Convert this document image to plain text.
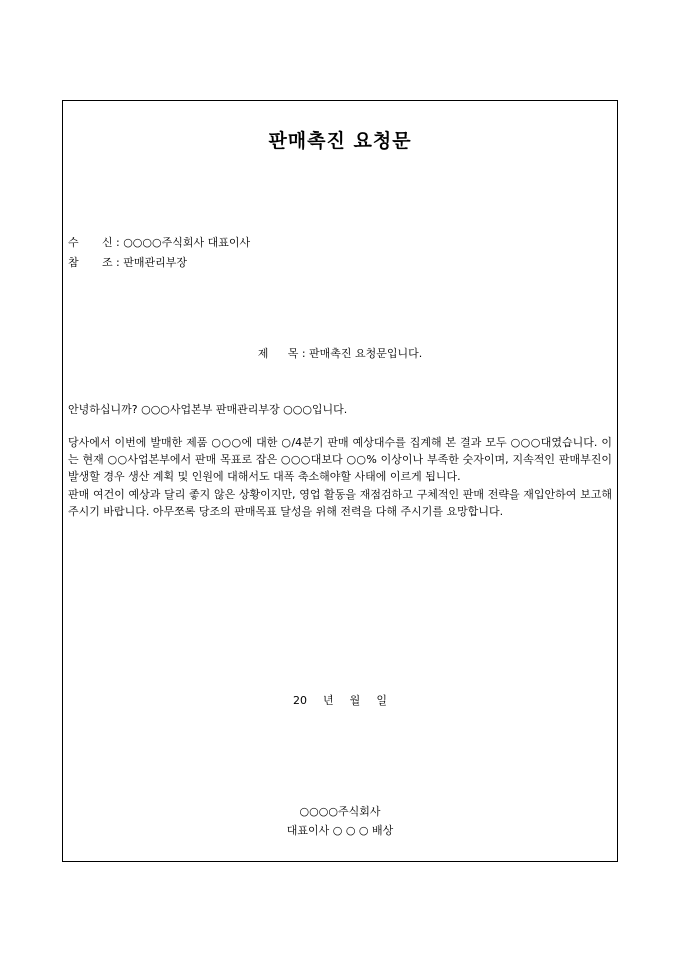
판매촉진 요청문
수 신 : ○○○○주식회사 대표이사
참 조 : 판매관리부장
제 목 : 판매촉진 요청문입니다.
안녕하십니까? ○○○사업본부 판매관리부장 ○○○입니다.

당사에서 이번에 발매한 제품 ○○○에 대한 ○/4분기 판매 예상대수를 집계해 본 결과 모두 ○○○대였습니다. 이는 현재 ○○사업본부에서 판매 목표로 잡은 ○○○대보다 ○○% 이상이나 부족한 숫자이며, 지속적인 판매부진이 발생할 경우 생산 계획 및 인원에 대해서도 대폭 축소해야할 사태에 이르게 됩니다.

판매 여건이 예상과 달리 좋지 않은 상황이지만, 영업 활동을 재점검하고 구체적인 판매 전략을 재입안하여 보고해 주시기 바랍니다. 아무쪼록 당조의 판매목표 달성을 위해 전력을 다해 주시기를 요망합니다.

20 년 월 일
○○○○주식회사
대표이사 ○ ○ ○ 배상
